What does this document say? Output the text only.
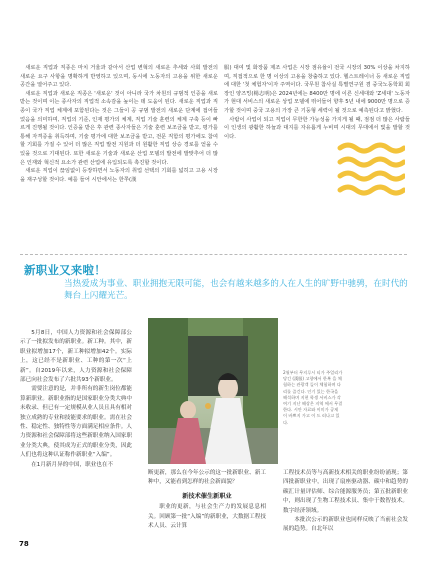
새로운 직업과 직종은 마치 거울과 같아서 산업 변혁의 새로운 추세와 사회 발전의 새로운 요구 사항을 명확하게 반영하고 있으며, 동시에 노동자의 고용을 위한 새로운 공간을 열어주고 있다.

새로운 직업과 새로운 직종은 '새로운' 것이 아니라 국가 차원의 규범적 인증을 새로 받는 것이며 이는 종사자의 직업적 소속감을 높이는 데 도움이 된다. 새로운 직업과 직종이 국가 직업 체계에 포함된다는 것은 그들이 공 규범 발전의 새로운 단계에 접어들었음을 의미하며, 직업의 기준, 인재 평가의 체계, 직업 기술 훈련의 체계 구축 등이 빠르게 진행될 것이다. 인증을 받은 후 관련 종사자들은 기술 훈련 보조금을 받고, 평가를 통해 자격증을 취득하며, 기술 평가에 대한 보조금을 받고, 전문 직함의 평가에도 참여할 기회를 가질 수 있어 더 많은 직업 발전 지원과 더 원활한 직업 상승 경로를 얻을 수 있을 것으로 기대된다. 또한 새로운 기술과 새로운 산업 모델의 발전에 발맞추어 더 많은 인재와 혁신적 요소가 관련 산업에 유입되도록 촉진할 것이다.

새로운 직업이 끊임없이 등장하면서 노동자의 취업 선택의 기회를 넓히고 고용 시장을 재구성할 것이다. 예를 들어 시안에서는 한쭈(漢

服) 대여 및 화장품 제조 사업은 시장 점유율이 전국 시장의 30% 이상을 차지하며, 직접적으로 한 명 이상의 고용을 창출하고 있다. 헬스트레이너 등 새로운 직업에 대한 '첫 체험자'이자 주역이다. 국무원 참사실 특별연구원 겸 중국노동학회 회장인 양즈밍(楊志明)은 2024년에는 8400만 명에 이른 신세대와 'Z세대' 노동자가 현대 서비스의 새로운 상업 모델에 뛰어들어 향후 5년 내에 9000만 명으로 증가할 것이며 중국 고용의 가장 큰 기둥형 세력이 될 것으로 예측된다고 밝혔다.

사람이 사업이 되고 직업이 무한한 가능성을 가지게 될 때, 점점 더 많은 사람들이 인생의 광활한 하늘과 대지를 자유롭게 누비며 시대의 무대에서 빛을 발할 것이다.

新职业又来啦！
当热爱成为事业、职业拥抱无限可能，也会有越来越多的人在人生的旷野中驰骋，在时代的舞台上闪耀光芒。

5月8日，中国人力资源和社会保障部公示了一批拟发布的新职业。新工种。其中，新职业拟增加17个，新工种拟增加42个。实际上，这已经不是新职业、工种的第一次“上新”。自2019年以来，人力资源和社会保障部已向社会发布了六批共93个新职业。

需要注意的是，并非所有的新生岗位都能算新职业。新职业指的是国家职业分类大典中未收录、但已有一定规模从业人员且具有相对独立成熟的专业和技能要求的职业。需在社会性、稳定性、独特性等方面满足相应条件。人力资源和社会保障部将这些新职业纳入国家职业分类大典，使其成为正式的职业分类，因此人们也将这种认证称作新职业“入编”。

在1月新月异的中国，职业也在不

2월부터 무지루시 티가 주얼리가 당긴 (漢服) 고향에서 한복 을 체험하는 관광객 들이 체험하며 다리를 즐긴다. 인기 있는 한국을 해석하며 지현 학생 서비스가 각 여기 지난 해상은 지역 에서 무결한다. 시안 자료와 이미가 공제 이 바쁘지 가고 이 드 러나고 있다.

断更新，那么在今年公示的这一批新职业、新工种中，又能看到怎样的社会新面貌？

新技术催生新职业

职业的更新，与社会生产力的发展息息相关。回顾第一批“入编”的新职业，大数据工程技术人员、云计算

工程技术员等与高新技术相关的职业纷纷涌现；第四批新职业中，出现了扇座驱动器、碳中和趋势的碳汇计量评估师、综合能源服务员；第五批新职业中，则出现了生物工程技术员、集中于数智技术。数字经济领域。

本批次公示的新职业也同样反映了当前社会发展的趋势。自北年以

78
